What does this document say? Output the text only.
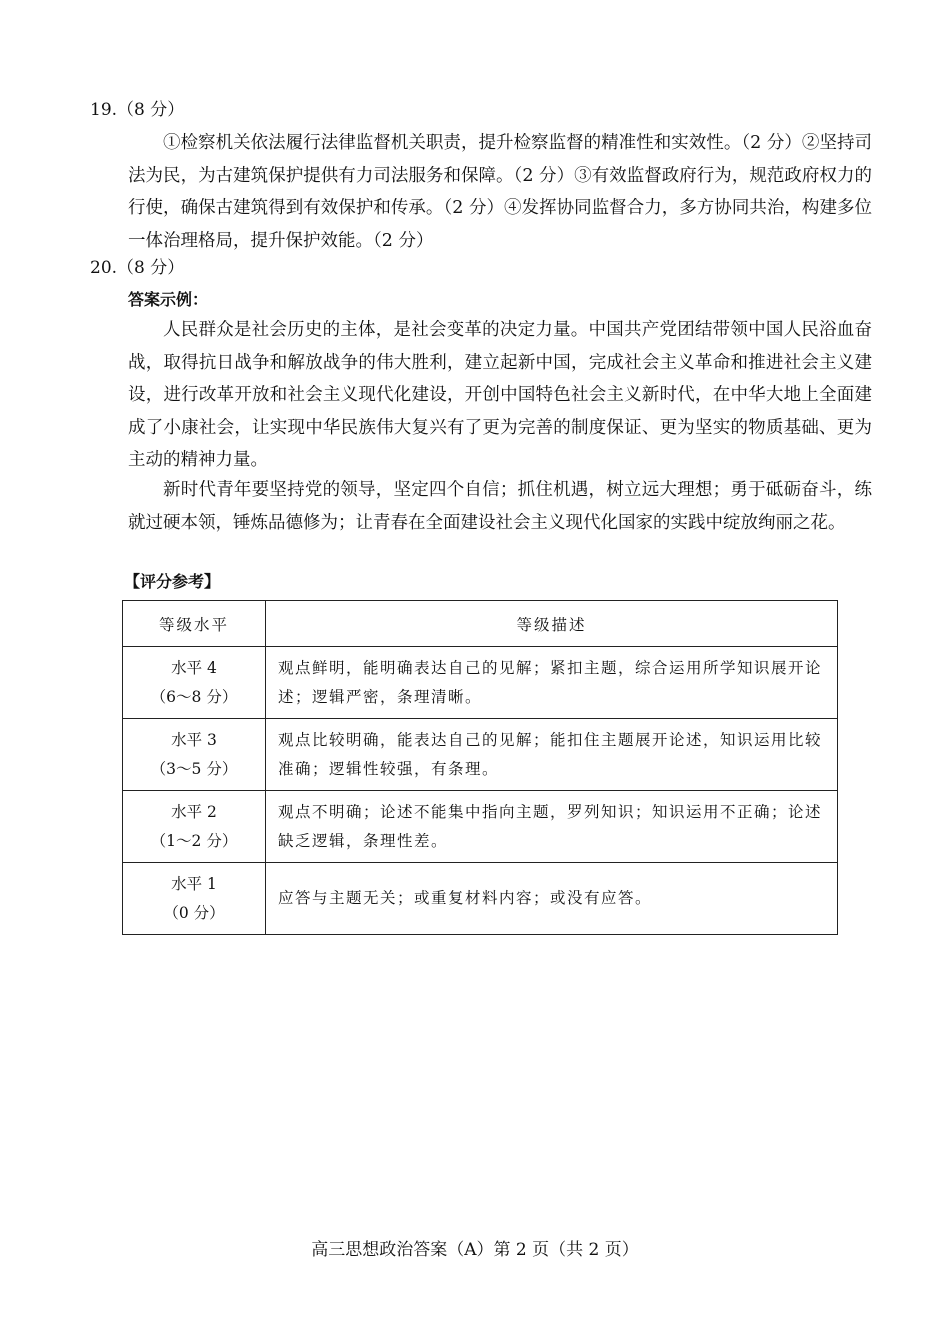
19.（8 分）

①检察机关依法履行法律监督机关职责，提升检察监督的精准性和实效性。（2 分）②坚持司法为民，为古建筑保护提供有力司法服务和保障。（2 分）③有效监督政府行为，规范政府权力的行使，确保古建筑得到有效保护和传承。（2 分）④发挥协同监督合力，多方协同共治，构建多位一体治理格局，提升保护效能。（2 分）

20.（8 分）
答案示例：

人民群众是社会历史的主体，是社会变革的决定力量。中国共产党团结带领中国人民浴血奋战，取得抗日战争和解放战争的伟大胜利，建立起新中国，完成社会主义革命和推进社会主义建设，进行改革开放和社会主义现代化建设，开创中国特色社会主义新时代，在中华大地上全面建成了小康社会，让实现中华民族伟大复兴有了更为完善的制度保证、更为坚实的物质基础、更为主动的精神力量。

新时代青年要坚持党的领导，坚定四个自信；抓住机遇，树立远大理想；勇于砥砺奋斗，练就过硬本领，锤炼品德修为；让青春在全面建设社会主义现代化国家的实践中绽放绚丽之花。

【评分参考】
等级水平	等级描述

水平 4
（6～8 分）	观点鲜明，能明确表达自己的见解；紧扣主题，综合运用所学知识展开论述；逻辑严密，条理清晰。

水平 3
（3～5 分）	观点比较明确，能表达自己的见解；能扣住主题展开论述，知识运用比较准确；逻辑性较强，有条理。

水平 2
（1～2 分）	观点不明确；论述不能集中指向主题，罗列知识；知识运用不正确；论述缺乏逻辑，条理性差。

水平 1
（0 分）	应答与主题无关；或重复材料内容；或没有应答。
高三思想政治答案（A）第 2 页（共 2 页）
